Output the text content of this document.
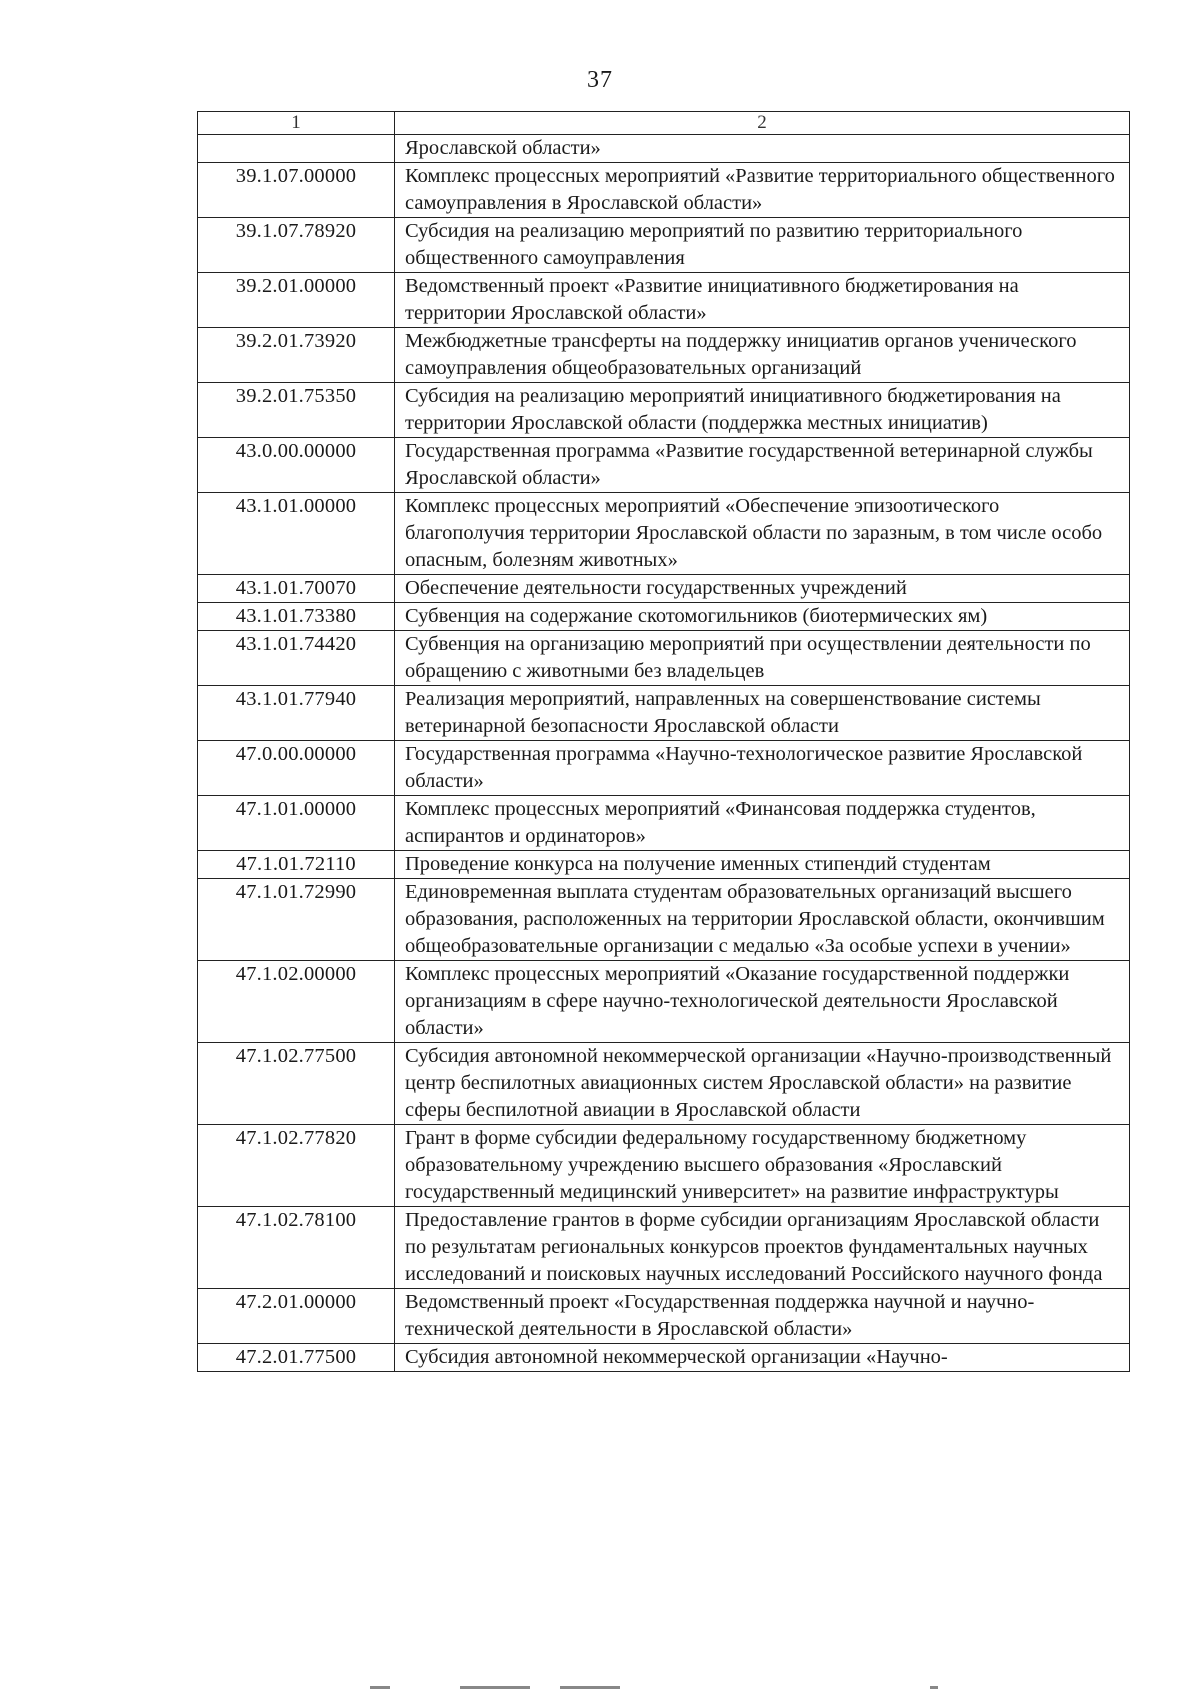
37
1	2
	Ярославской области»
39.1.07.00000	Комплекс процессных мероприятий «Развитие территориального общественного самоуправления в Ярославской области»
39.1.07.78920	Субсидия на реализацию мероприятий по развитию территориального общественного самоуправления
39.2.01.00000	Ведомственный проект «Развитие инициативного бюджетирования на территории Ярославской области»
39.2.01.73920	Межбюджетные трансферты на поддержку инициатив органов ученического самоуправления общеобразовательных организаций
39.2.01.75350	Субсидия на реализацию мероприятий инициативного бюджетирования на территории Ярославской области (поддержка местных инициатив)
43.0.00.00000	Государственная программа «Развитие государственной ветеринарной службы Ярославской области»
43.1.01.00000	Комплекс процессных мероприятий «Обеспечение эпизоотического благополучия территории Ярославской области по заразным, в том числе особо опасным, болезням животных»
43.1.01.70070	Обеспечение деятельности государственных учреждений
43.1.01.73380	Субвенция на содержание скотомогильников (биотермических ям)
43.1.01.74420	Субвенция на организацию мероприятий при осуществлении деятельности по обращению с животными без владельцев
43.1.01.77940	Реализация мероприятий, направленных на совершенствование системы ветеринарной безопасности Ярославской области
47.0.00.00000	Государственная программа «Научно-технологическое развитие Ярославской области»
47.1.01.00000	Комплекс процессных мероприятий «Финансовая поддержка студентов, аспирантов и ординаторов»
47.1.01.72110	Проведение конкурса на получение именных стипендий студентам
47.1.01.72990	Единовременная выплата студентам образовательных организаций высшего образования, расположенных на территории Ярославской области, окончившим общеобразовательные организации с медалью «За особые успехи в учении»
47.1.02.00000	Комплекс процессных мероприятий «Оказание государственной поддержки организациям в сфере научно-технологической деятельности Ярославской области»
47.1.02.77500	Субсидия автономной некоммерческой организации «Научно-производственный центр беспилотных авиационных систем Ярославской области» на развитие сферы беспилотной авиации в Ярославской области
47.1.02.77820	Грант в форме субсидии федеральному государственному бюджетному образовательному учреждению высшего образования «Ярославский государственный медицинский университет» на развитие инфраструктуры
47.1.02.78100	Предоставление грантов в форме субсидии организациям Ярославской области по результатам региональных конкурсов проектов фундаментальных научных исследований и поисковых научных исследований Российского научного фонда
47.2.01.00000	Ведомственный проект «Государственная поддержка научной и научно-технической деятельности в Ярославской области»
47.2.01.77500	Субсидия автономной некоммерческой организации «Научно-
